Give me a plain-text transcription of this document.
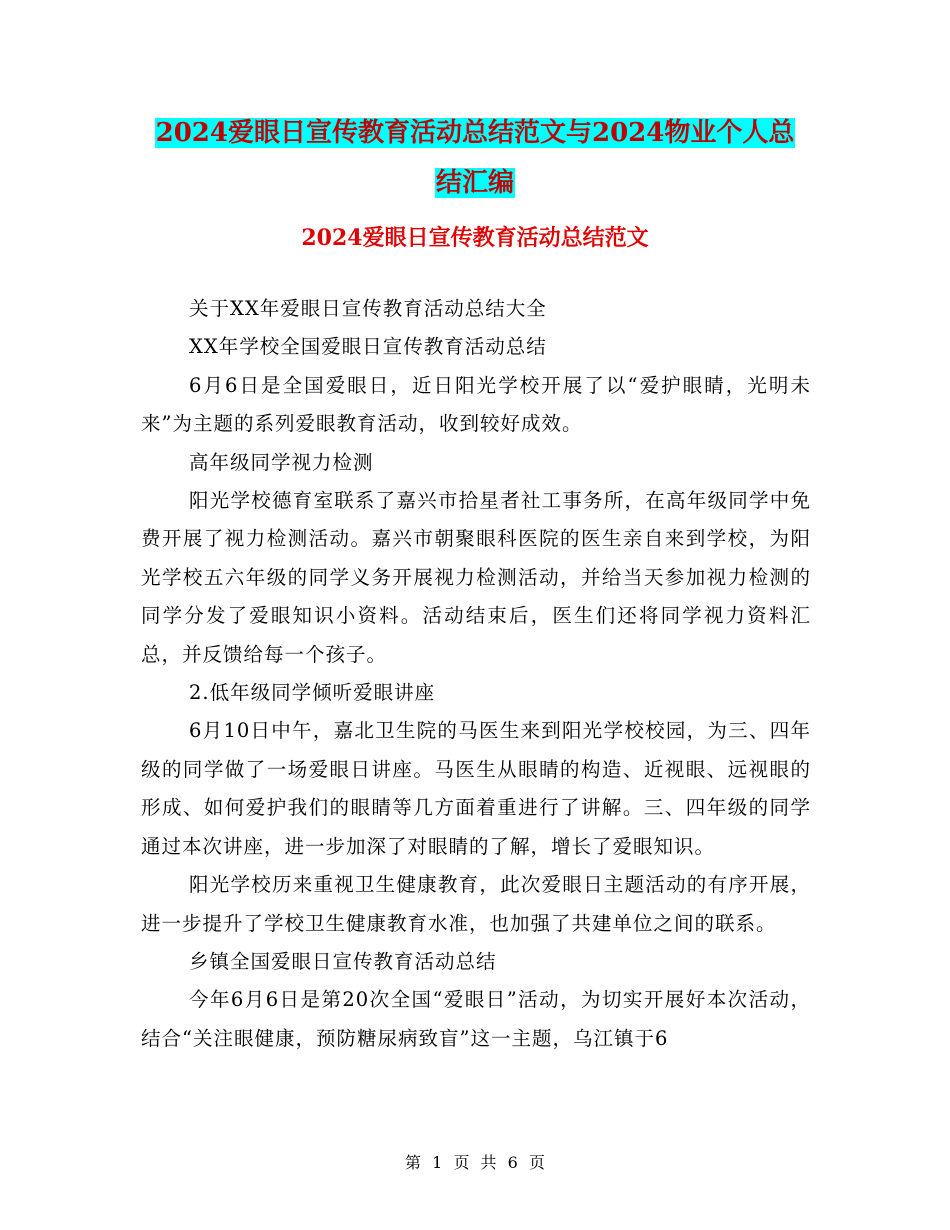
2024爱眼日宣传教育活动总结范文与2024物业个人总
结汇编
2024爱眼日宣传教育活动总结范文

关于XX年爱眼日宣传教育活动总结大全

XX年学校全国爱眼日宣传教育活动总结

6月6日是全国爱眼日，近日阳光学校开展了以“爱护眼睛，光明未来”为主题的系列爱眼教育活动，收到较好成效。

高年级同学视力检测

阳光学校德育室联系了嘉兴市拾星者社工事务所，在高年级同学中免费开展了视力检测活动。嘉兴市朝聚眼科医院的医生亲自来到学校，为阳光学校五六年级的同学义务开展视力检测活动，并给当天参加视力检测的同学分发了爱眼知识小资料。活动结束后，医生们还将同学视力资料汇总，并反馈给每一个孩子。

2.低年级同学倾听爱眼讲座

6月10日中午，嘉北卫生院的马医生来到阳光学校校园，为三、四年级的同学做了一场爱眼日讲座。马医生从眼睛的构造、近视眼、远视眼的形成、如何爱护我们的眼睛等几方面着重进行了讲解。三、四年级的同学通过本次讲座，进一步加深了对眼睛的了解，增长了爱眼知识。

阳光学校历来重视卫生健康教育，此次爱眼日主题活动的有序开展，进一步提升了学校卫生健康教育水准，也加强了共建单位之间的联系。

乡镇全国爱眼日宣传教育活动总结

今年6月6日是第20次全国“爱眼日”活动，为切实开展好本次活动，结合“关注眼健康，预防糖尿病致盲”这一主题，乌江镇于6

第 1 页 共 6 页
